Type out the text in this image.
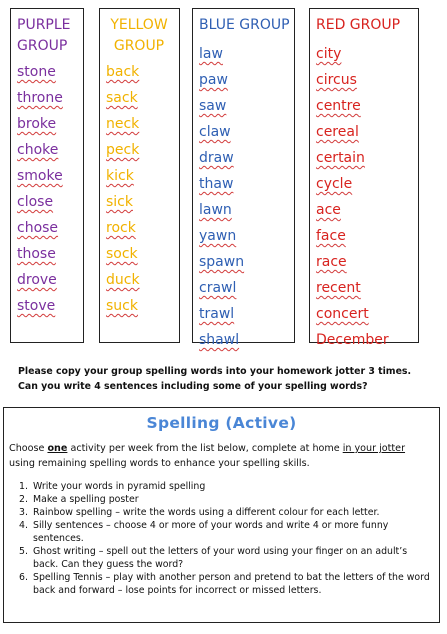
PURPLE
GROUP
stone
throne
broke
choke
smoke
close
chose
those
drove
stove
YELLOW
GROUP
back
sack
neck
peck
kick
sick
rock
sock
duck
suck
BLUE GROUP
law
paw
saw
claw
draw
thaw
lawn
yawn
spawn
crawl
trawl
shawl
RED GROUP
city
circus
centre
cereal
certain
cycle
ace
face
race
recent
concert
December
Please copy your group spelling words into your homework jotter 3 times. Can you write 4 sentences including some of your spelling words?
Spelling (Active)
Choose one activity per week from the list below, complete at home in your jotter using remaining spelling words to enhance your spelling skills.
1. Write your words in pyramid spelling
2. Make a spelling poster
3. Rainbow spelling – write the words using a different colour for each letter.
4. Silly sentences – choose 4 or more of your words and write 4 or more funny sentences.
5. Ghost writing – spell out the letters of your word using your finger on an adult’s back. Can they guess the word?
6. Spelling Tennis – play with another person and pretend to bat the letters of the word back and forward – lose points for incorrect or missed letters.
